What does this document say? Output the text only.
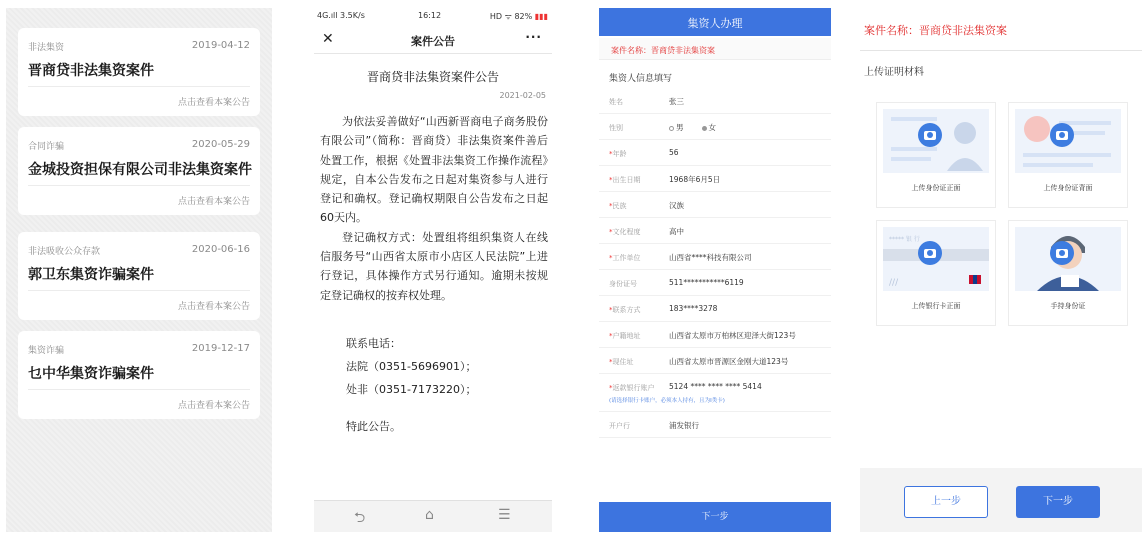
非法集资	2019-04-12
晋商贷非法集资案件
点击查看本案公告
合同诈骗	2020-05-29
金城投资担保有限公司非法集资案件
点击查看本案公告
非法吸收公众存款	2020-06-16
郭卫东集资诈骗案件
点击查看本案公告
集资诈骗	2019-12-17
乜中华集资诈骗案件
点击查看本案公告
4G.ıll 3.5K/s	16:12	HD ᯤ 82% ▮▮▮
✕	案件公告	···
晋商贷非法集资案件公告
2021-02-05

为依法妥善做好“山西新晋商电子商务股份有限公司”（简称：晋商贷）非法集资案件善后处置工作，根据《处置非法集资工作操作流程》规定，自本公告发布之日起对集资参与人进行登记和确权。登记确权期限自公告发布之日起60天内。

登记确权方式：处置组将组织集资人在线信服务号“山西省太原市小店区人民法院”上进行登记，具体操作方式另行通知。逾期未按规定登记确权的按弃权处理。

联系电话：
法院（0351-5696901）；
处非（0351-7173220）；
特此公告。
⮌	⌂	☰
集资人办理
案件名称：晋商贷非法集资案
集资人信息填写
姓名	张三
性别	男	女
*年龄	56
*出生日期	1968年6月5日
*民族	汉族
*文化程度	高中
*工作单位	山西省****科技有限公司
身份证号	511***********6119
*联系方式	183****3278
*户籍地址	山西省太原市万柏林区迎泽大街123号
*现住址	山西省太原市晋源区金刚大道123号
*返款银行账户 5124 **** **** **** 5414
(请选择银行卡账户，必须本人持有，且为I类卡)
开户行	浦发银行
下一步
案件名称：晋商贷非法集资案
上传证明材料
上传身份证正面	上传身份证背面
***** 银 行
///
上传银行卡正面	手持身份证
上一步	下一步
